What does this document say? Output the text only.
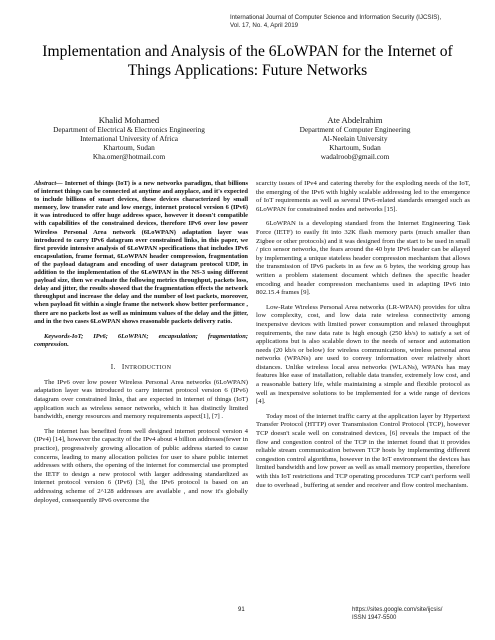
International Journal of Computer Science and Information Security (IJCSIS),
Vol. 17, No. 4, April 2019
Implementation and Analysis of the 6LoWPAN for the Internet of Things Applications: Future Networks
Khalid Mohamed
Department of Electrical & Electronics Engineering
International University of Africa
Khartoum, Sudan
Kha.omer@hotmail.com
Ate Abdelrahim
Department of Computer Engineering
Al-Neelain University
Khartoum, Sudan
wadalroob@gmail.com

Abstract— Internet of things (IoT) is a new networks paradigm, that billions of internet things can be connected at anytime and anyplace, and it's expected to include billions of smart devices, these devices characterized by small memory, low transfer rate and low energy, internet protocol version 6 (IPv6) it was introduced to offer huge address space, however it doesn't compatible with capabilities of the constrained devices, therefore IPv6 over low power Wireless Personal Area network (6LoWPAN) adaptation layer was introduced to carry IPv6 datagram over constrained links, in this paper, we first provide intensive analysis of 6LoWPAN specifications that includes IPv6 encapsulation, frame format, 6LoWPAN header compression, fragmentation of the payload datagram and encoding of user datagram protocol UDP, in addition to the implementation of the 6LoWPAN in the NS-3 using different payload size, then we evaluate the following metrics throughput, packets loss, delay and jitter, the results showed that the fragmentation effects the network throughput and increase the delay and the number of lost packets, moreover, when payload fit within a single frame the network show better performance , there are no packets lost as well as minimum values of the delay and the jitter, and in the two cases 6LoWPAN shows reasonable packets delivery ratio.

Keywords-IoT; IPv6; 6LoWPAN; encapsulation; fragmentation; compression.

I. INTRODUCTION

The IPv6 over low power Wireless Personal Area networks (6LoWPAN) adaptation layer was introduced to carry internet protocol version 6 (IPv6) datagram over constrained links, that are expected in internet of things (IoT) application such as wireless sensor networks, which it has distinctly limited bandwidth, energy resources and memory requirements aspect[1], [7] .

The internet has benefited from well designed internet protocol version 4 (IPv4) [14], however the capacity of the IPv4 about 4 billion addresses(fewer in practice), progressively growing allocation of public address started to cause concerns, leading to many allocation policies for user to share public internet addresses with others, the opening of the internet for commercial use prompted the IETF to design a new protocol with larger addressing standardized as internet protocol version 6 (IPv6) [3], the IPv6 protocol is based on an addressing scheme of 2^128 addresses are available , and now it's globally deployed, consequently IPv6 overcome the

scarcity issues of IPv4 and catering thereby for the exploding needs of the IoT, the emerging of the IPv6 with highly scalable addressing led to the emergence of IoT requirements as well as several IPv6-related standards emerged such as 6LoWPAN for constrained nodes and networks [15].

6LoWPAN is a developing standard from the Internet Engineering Task Force (IETF) to easily fit into 32K flash memory parts (much smaller than Zigbee or other protocols) and it was designed from the start to be used in small / pico sensor networks, the fears around the 40 byte IPv6 header can be allayed by implementing a unique stateless header compression mechanism that allows the transmission of IPv6 packets in as few as 6 bytes, the working group has written a problem statement document which defines the specific header encoding and header compression mechanisms used in adapting IPv6 into 802.15.4 frames [9].

Low-Rate Wireless Personal Area networks (LR-WPAN) provides for ultra low complexity, cost, and low data rate wireless connectivity among inexpensive devices with limited power consumption and relaxed throughput requirements, the raw data rate is high enough (250 kb/s) to satisfy a set of applications but is also scalable down to the needs of sensor and automation needs (20 kb/s or below) for wireless communications, wireless personal area networks (WPANs) are used to convey information over relatively short distances. Unlike wireless local area networks (WLANs), WPANs has may features like ease of installation, reliable data transfer, extremely low cost, and a reasonable battery life, while maintaining a simple and flexible protocol as well as inexpensive solutions to be implemented for a wide range of devices [4].

Today most of the internet traffic carry at the application layer by Hypertext Transfer Protocol (HTTP) over Transmission Control Protocol (TCP), however TCP doesn't scale well on constrained devices, [6] reveals the impact of the flow and congestion control of the TCP in the internet found that it provides reliable stream communication between TCP hosts by implementing different congestion control algorithms, however in the IoT environment the devices has limited bandwidth and low power as well as small memory properties, therefore with this IoT restrictions and TCP operating procedures TCP can't perform well due to overhead , buffering at sender and receiver and flow control mechanism.

91	https://sites.google.com/site/ijcsis/
ISSN 1947-5500
